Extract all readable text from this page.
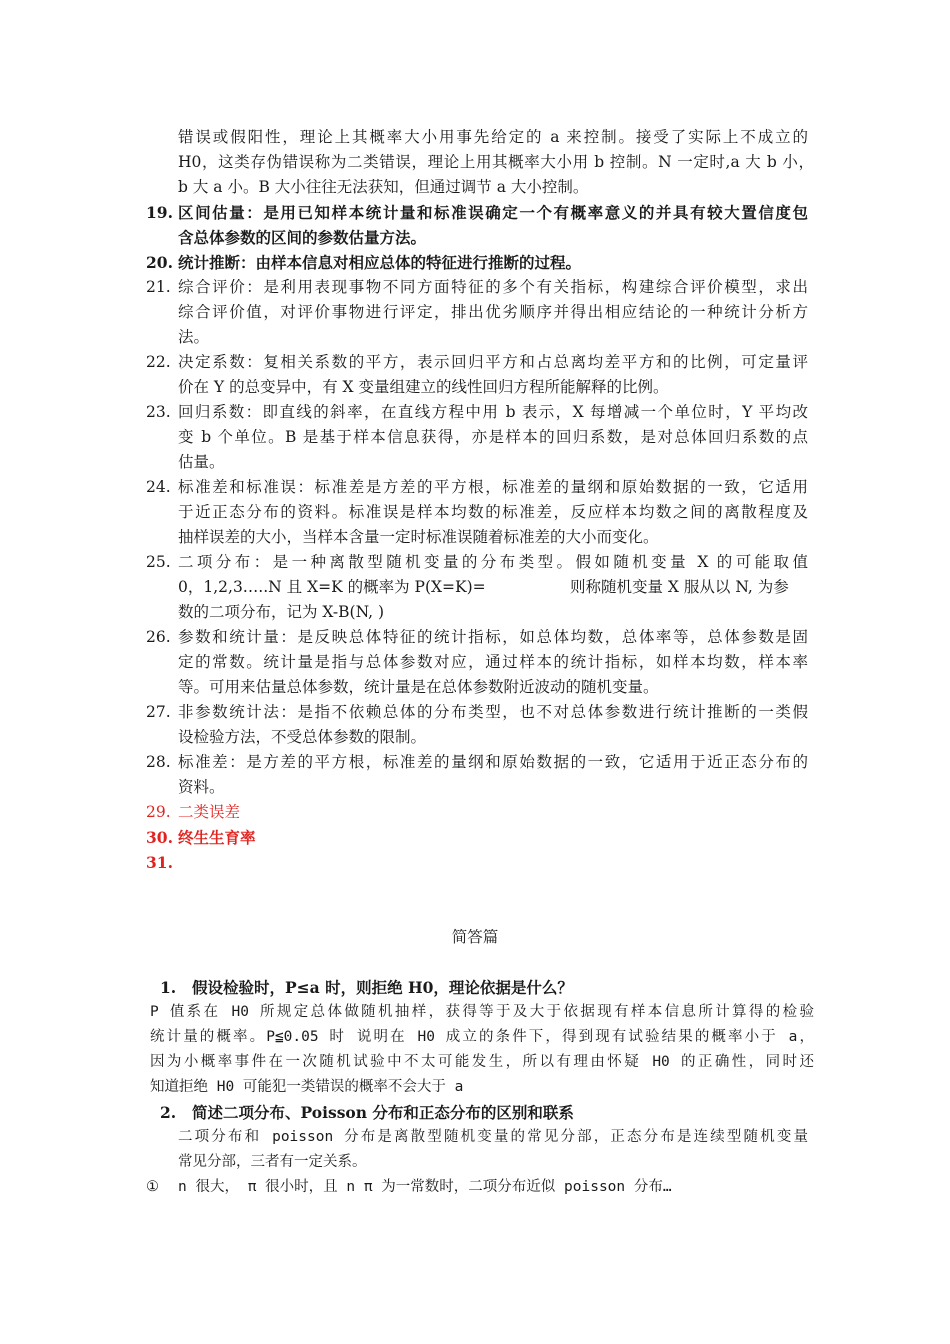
错误或假阳性，理论上其概率大小用事先给定的 a 来控制。接受了实际上不成立的
H0，这类存伪错误称为二类错误，理论上用其概率大小用 b 控制。N 一定时,a 大 b 小，
b 大 a 小。B 大小往往无法获知，但通过调节 a 大小控制。
19. 区间估量：是用已知样本统计量和标准误确定一个有概率意义的并具有较大置信度包
含总体参数的区间的参数估量方法。
20. 统计推断：由样本信息对相应总体的特征进行推断的过程。
21. 综合评价：是利用表现事物不同方面特征的多个有关指标，构建综合评价模型，求出
综合评价值，对评价事物进行评定，排出优劣顺序并得出相应结论的一种统计分析方
法。
22. 决定系数：复相关系数的平方，表示回归平方和占总离均差平方和的比例，可定量评
价在 Y 的总变异中，有 X 变量组建立的线性回归方程所能解释的比例。
23. 回归系数：即直线的斜率，在直线方程中用 b 表示，X 每增减一个单位时，Y 平均改
变 b 个单位。B 是基于样本信息获得，亦是样本的回归系数，是对总体回归系数的点
估量。
24. 标准差和标准误：标准差是方差的平方根，标准差的量纲和原始数据的一致，它适用
于近正态分布的资料。标准误是样本均数的标准差，反应样本均数之间的离散程度及
抽样误差的大小，当样本含量一定时标准误随着标准差的大小而变化。
25. 二项分布：是一种离散型随机变量的分布类型。假如随机变量 X 的可能取值
0，1,2,3…..N 且 X=K 的概率为 P(X=K)=	则称随机变量 X 服从以 N, 为参
数的二项分布，记为 X-B(N, )
26. 参数和统计量：是反映总体特征的统计指标，如总体均数，总体率等，总体参数是固
定的常数。统计量是指与总体参数对应，通过样本的统计指标，如样本均数，样本率
等。可用来估量总体参数，统计量是在总体参数附近波动的随机变量。
27. 非参数统计法：是指不依赖总体的分布类型，也不对总体参数进行统计推断的一类假
设检验方法，不受总体参数的限制。
28. 标准差：是方差的平方根，标准差的量纲和原始数据的一致，它适用于近正态分布的
资料。
29. 二类误差
30. 终生生育率
31.
简答篇
1. 假设检验时，P≤a 时，则拒绝 H0，理论依据是什么？
P 值系在 H0 所规定总体做随机抽样，获得等于及大于依据现有样本信息所计算得的检验
统计量的概率。P≦0.05 时 说明在 H0 成立的条件下，得到现有试验结果的概率小于 a，
因为小概率事件在一次随机试验中不太可能发生，所以有理由怀疑 H0 的正确性，同时还
知道拒绝 H0 可能犯一类错误的概率不会大于 a
2. 简述二项分布、Poisson 分布和正态分布的区别和联系
二项分布和 poisson 分布是离散型随机变量的常见分部，正态分布是连续型随机变量
常见分部，三者有一定关系。
① n 很大， π 很小时，且 n π 为一常数时，二项分布近似 poisson 分布…
